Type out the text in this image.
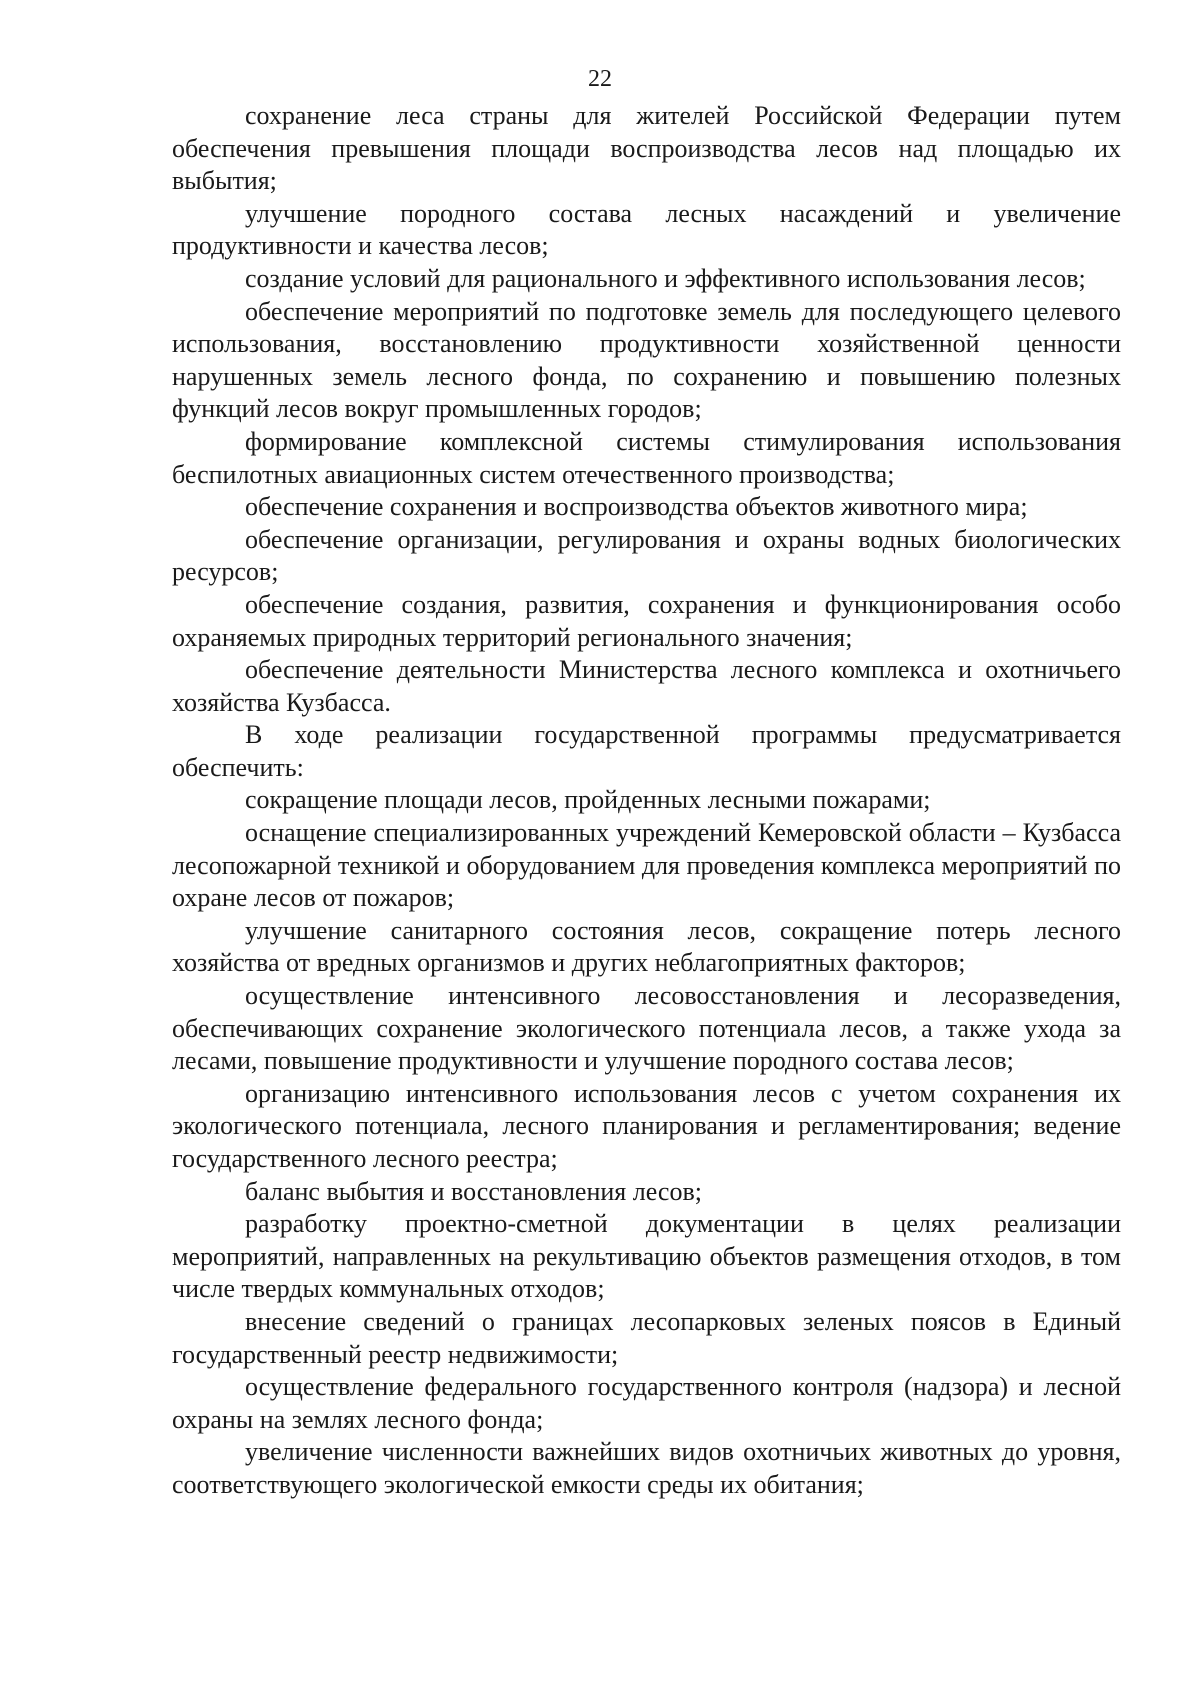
22

сохранение леса страны для жителей Российской Федерации путем обеспечения превышения площади воспроизводства лесов над площадью их выбытия;

улучшение породного состава лесных насаждений и увеличение продуктивности и качества лесов;

создание условий для рационального и эффективного использования лесов;

обеспечение мероприятий по подготовке земель для последующего целевого использования, восстановлению продуктивности хозяйственной ценности нарушенных земель лесного фонда, по сохранению и повышению полезных функций лесов вокруг промышленных городов;

формирование комплексной системы стимулирования использования беспилотных авиационных систем отечественного производства;

обеспечение сохранения и воспроизводства объектов животного мира;

обеспечение организации, регулирования и охраны водных биологических ресурсов;

обеспечение создания, развития, сохранения и функционирования особо охраняемых природных территорий регионального значения;

обеспечение деятельности Министерства лесного комплекса и охотничьего хозяйства Кузбасса.

В ходе реализации государственной программы предусматривается обеспечить:

сокращение площади лесов, пройденных лесными пожарами;

оснащение специализированных учреждений Кемеровской области – Кузбасса лесопожарной техникой и оборудованием для проведения комплекса мероприятий по охране лесов от пожаров;

улучшение санитарного состояния лесов, сокращение потерь лесного хозяйства от вредных организмов и других неблагоприятных факторов;

осуществление интенсивного лесовосстановления и лесоразведения, обеспечивающих сохранение экологического потенциала лесов, а также ухода за лесами, повышение продуктивности и улучшение породного состава лесов;

организацию интенсивного использования лесов с учетом сохранения их экологического потенциала, лесного планирования и регламентирования; ведение государственного лесного реестра;

баланс выбытия и восстановления лесов;

разработку проектно-сметной документации в целях реализации мероприятий, направленных на рекультивацию объектов размещения отходов, в том числе твердых коммунальных отходов;

внесение сведений о границах лесопарковых зеленых поясов в Единый государственный реестр недвижимости;

осуществление федерального государственного контроля (надзора) и лесной охраны на землях лесного фонда;

увеличение численности важнейших видов охотничьих животных до уровня, соответствующего экологической емкости среды их обитания;
